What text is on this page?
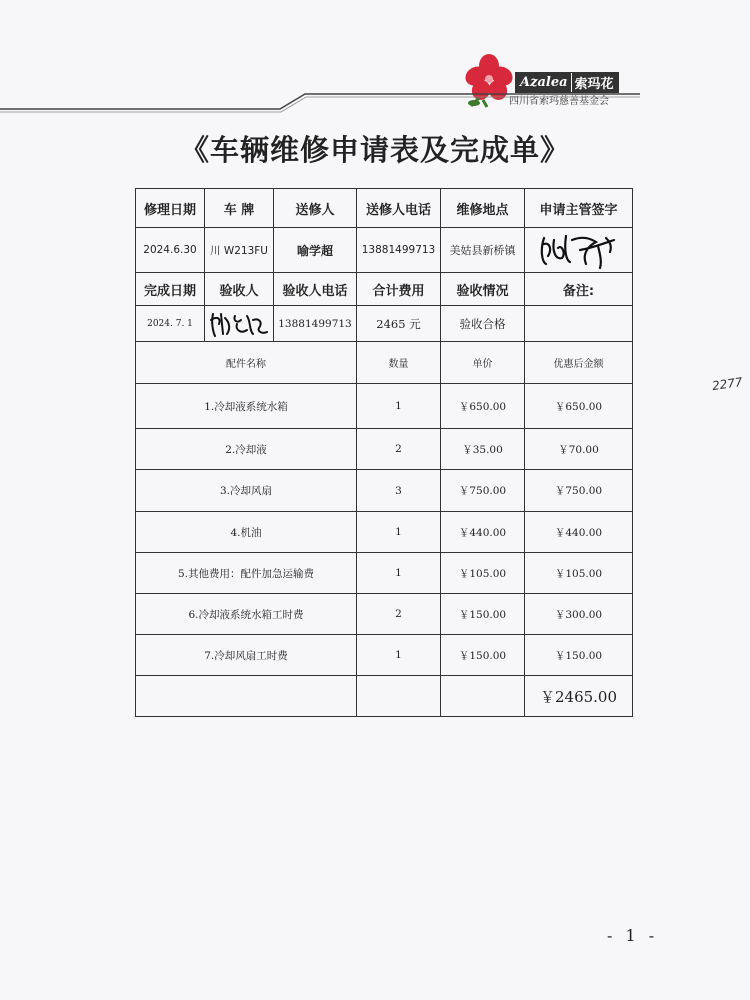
Azalea 索玛花
四川省索玛慈善基金会
《车辆维修申请表及完成单》
修理日期	车 牌	送修人	送修人电话	维修地点	申请主管签字
2024.6.30	川 W213FU	喻学超	13881499713	美姑县新桥镇	
完成日期	验收人	验收人电话	合计费用	验收情况	备注:
2024. 7. 1		13881499713	2465 元	验收合格	
配件名称			数量	单价	优惠后金额
1.冷却液系统水箱			1	￥650.00	￥650.00
2.冷却液			2	￥35.00	￥70.00
3.冷却风扇			3	￥750.00	￥750.00
4.机油			1	￥440.00	￥440.00
5.其他费用：配件加急运输费			1	￥105.00	￥105.00
6.冷却液系统水箱工时费			2	￥150.00	￥300.00
7.冷却风扇工时费			1	￥150.00	￥150.00
					￥2465.00
2277
- 1 -
